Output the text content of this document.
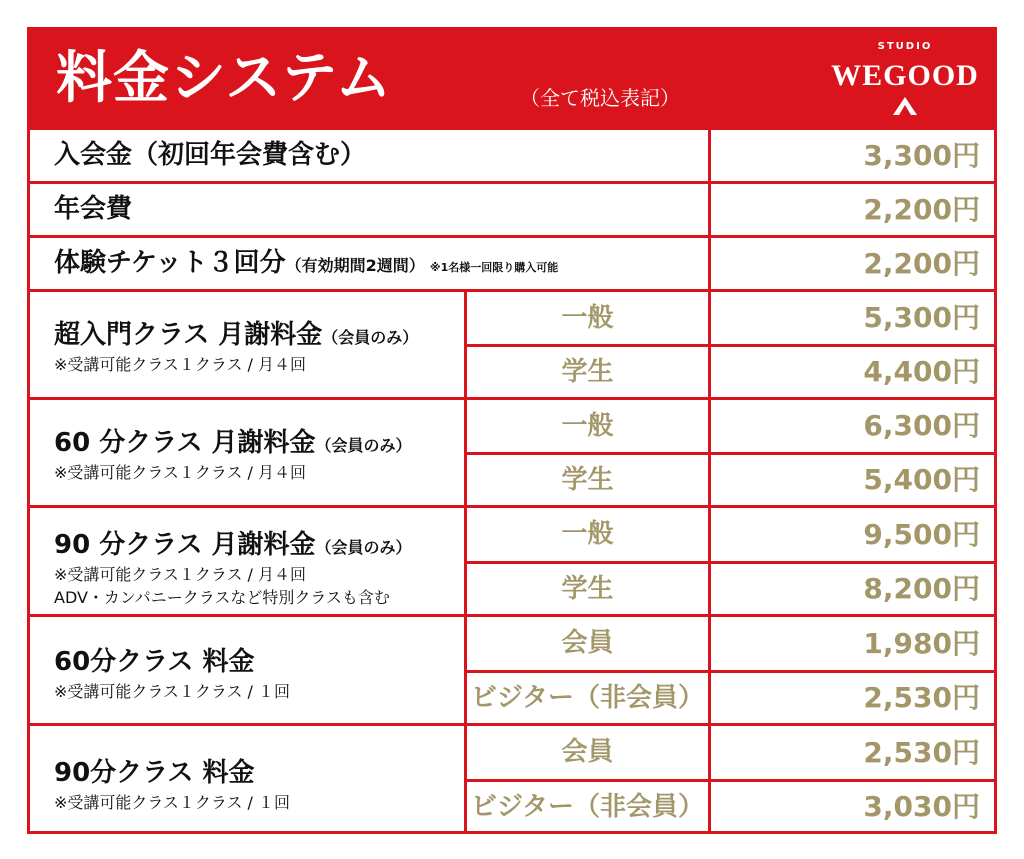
料金システム	（全て税込表記）
STUDIO
WEGOOD
入会金（初回年会費含む）	3,300円
年会費	2,200円
体験チケット３回分（有効期間2週間） ※1名様一回限り購入可能	2,200円
超入門クラス 月謝料金（会員のみ）
※受講可能クラス１クラス / 月４回
一般	5,300円
学生	4,400円
60 分クラス 月謝料金（会員のみ）
※受講可能クラス１クラス / 月４回
一般	6,300円
学生	5,400円
90 分クラス 月謝料金（会員のみ）
※受講可能クラス１クラス / 月４回
ADV・カンパニークラスなど特別クラスも含む
一般	9,500円
学生	8,200円
60分クラス 料金
※受講可能クラス１クラス / １回
会員	1,980円
ビジター（非会員）	2,530円
90分クラス 料金
※受講可能クラス１クラス / １回
会員	2,530円
ビジター（非会員）	3,030円
